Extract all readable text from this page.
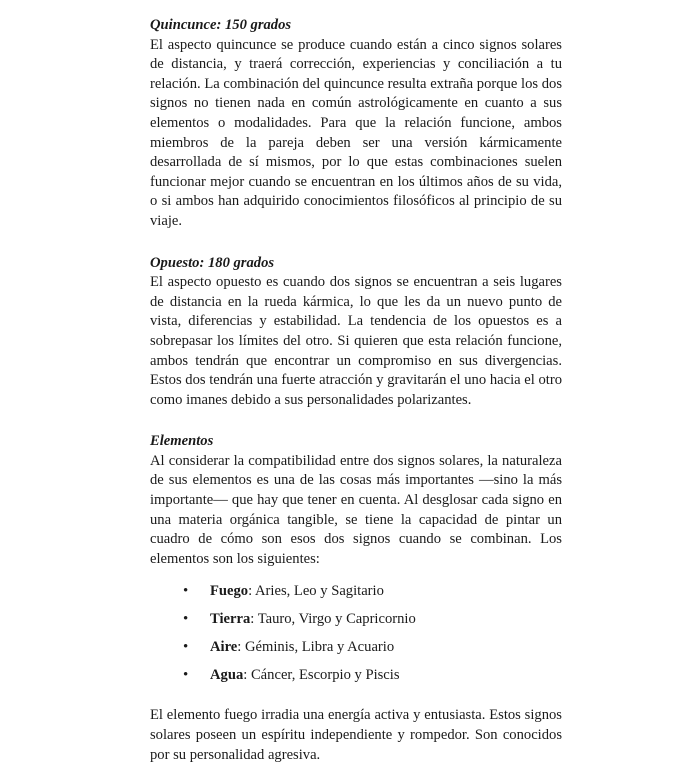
Quincunce: 150 grados

El aspecto quincunce se produce cuando están a cinco signos solares de distancia, y traerá corrección, experiencias y conciliación a tu relación. La combinación del quincunce resulta extraña porque los dos signos no tienen nada en común astrológicamente en cuanto a sus elementos o modalidades. Para que la relación funcione, ambos miembros de la pareja deben ser una versión kármicamente desarrollada de sí mismos, por lo que estas combinaciones suelen funcionar mejor cuando se encuentran en los últimos años de su vida, o si ambos han adquirido conocimientos filosóficos al principio de su viaje.

Opuesto: 180 grados

El aspecto opuesto es cuando dos signos se encuentran a seis lugares de distancia en la rueda kármica, lo que les da un nuevo punto de vista, diferencias y estabilidad. La tendencia de los opuestos es a sobrepasar los límites del otro. Si quieren que esta relación funcione, ambos tendrán que encontrar un compromiso en sus divergencias. Estos dos tendrán una fuerte atracción y gravitarán el uno hacia el otro como imanes debido a sus personalidades polarizantes.

Elementos

Al considerar la compatibilidad entre dos signos solares, la naturaleza de sus elementos es una de las cosas más importantes —sino la más importante— que hay que tener en cuenta. Al desglosar cada signo en una materia orgánica tangible, se tiene la capacidad de pintar un cuadro de cómo son esos dos signos cuando se combinan. Los elementos son los siguientes:

•	Fuego: Aries, Leo y Sagitario
•	Tierra: Tauro, Virgo y Capricornio
•	Aire: Géminis, Libra y Acuario
•	Agua: Cáncer, Escorpio y Piscis

El elemento fuego irradia una energía activa y entusiasta. Estos signos solares poseen un espíritu independiente y rompedor. Son conocidos por su personalidad agresiva.
